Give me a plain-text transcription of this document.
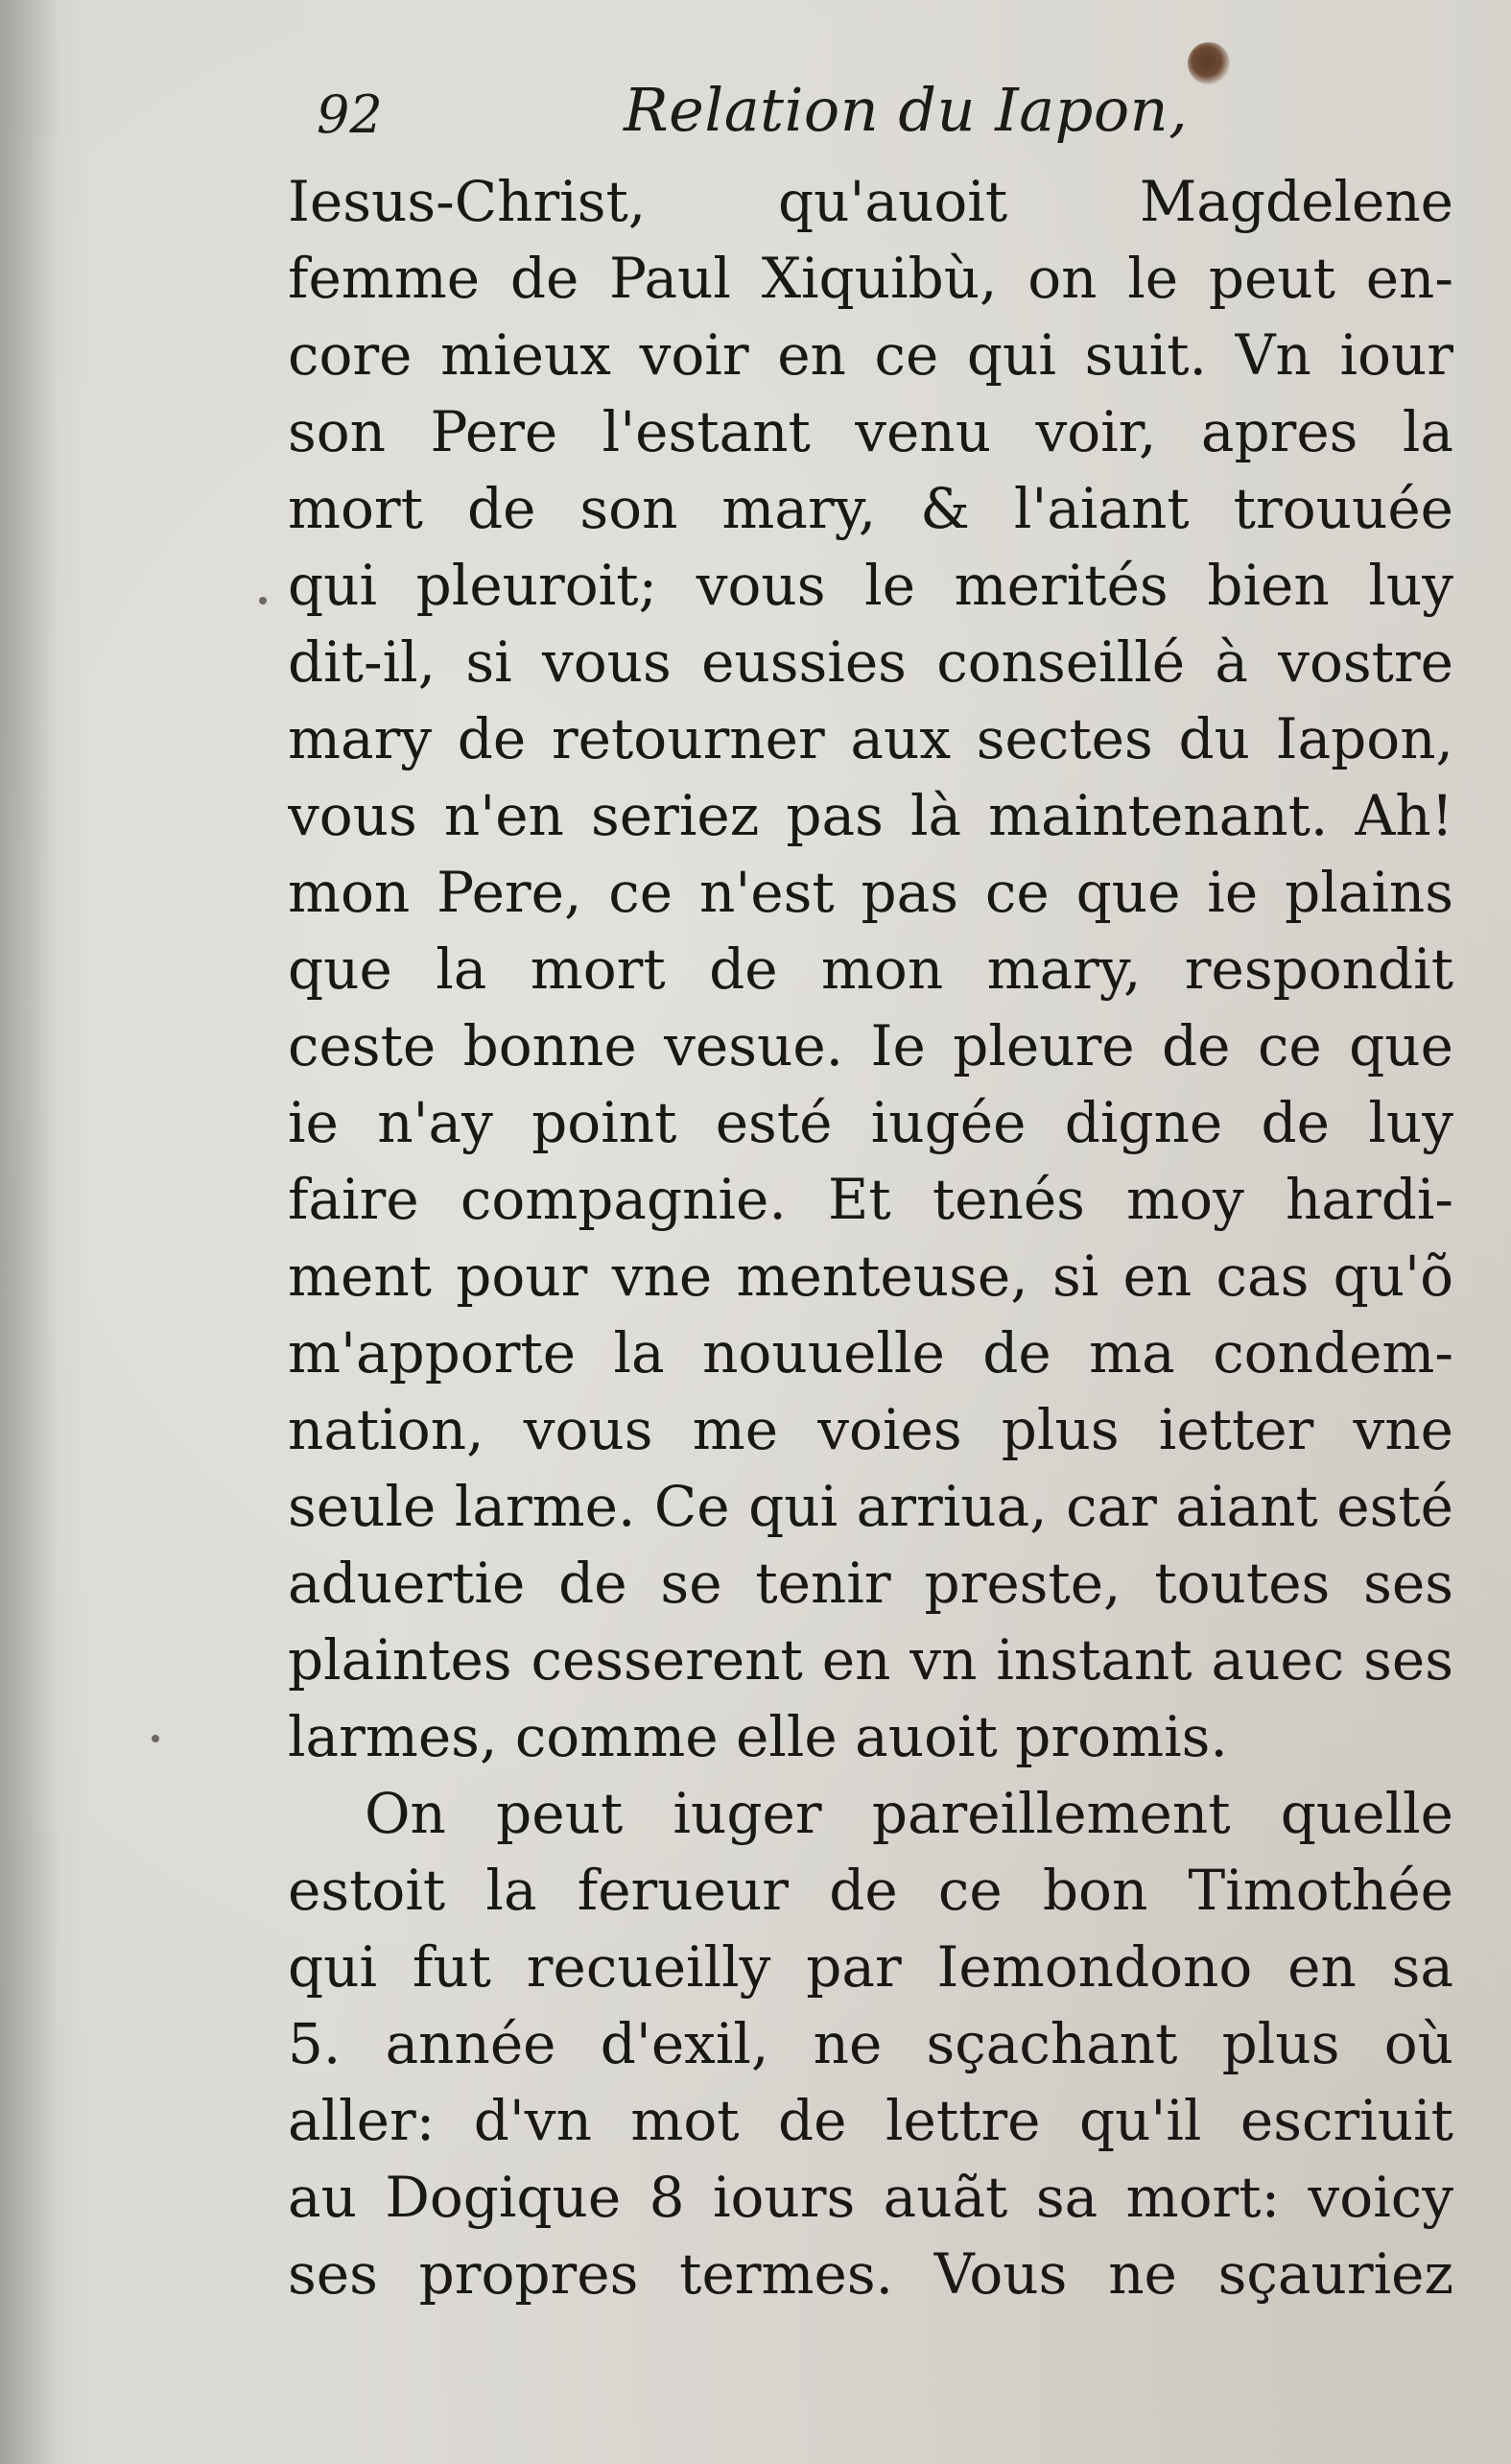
92	Relation du Iapon,
Iesus-Christ, qu'auoit Magdelene
femme de Paul Xiquibù, on le peut en-
core mieux voir en ce qui suit. Vn iour
son Pere l'estant venu voir, apres la
mort de son mary, & l'aiant trouuée
qui pleuroit; vous le merités bien luy
dit-il, si vous eussies conseillé à vostre
mary de retourner aux sectes du Iapon,
vous n'en seriez pas là maintenant. Ah!
mon Pere, ce n'est pas ce que ie plains
que la mort de mon mary, respondit
ceste bonne vesue. Ie pleure de ce que
ie n'ay point esté iugée digne de luy
faire compagnie. Et tenés moy hardi-
ment pour vne menteuse, si en cas qu'õ
m'apporte la nouuelle de ma condem-
nation, vous me voies plus ietter vne
seule larme. Ce qui arriua, car aiant esté
aduertie de se tenir preste, toutes ses
plaintes cesserent en vn instant auec ses
larmes, comme elle auoit promis.
On peut iuger pareillement quelle
estoit la ferueur de ce bon Timothée
qui fut recueilly par Iemondono en sa
5. année d'exil, ne sçachant plus où
aller: d'vn mot de lettre qu'il escriuit
au Dogique 8 iours auãt sa mort: voicy
ses propres termes. Vous ne sçauriez
